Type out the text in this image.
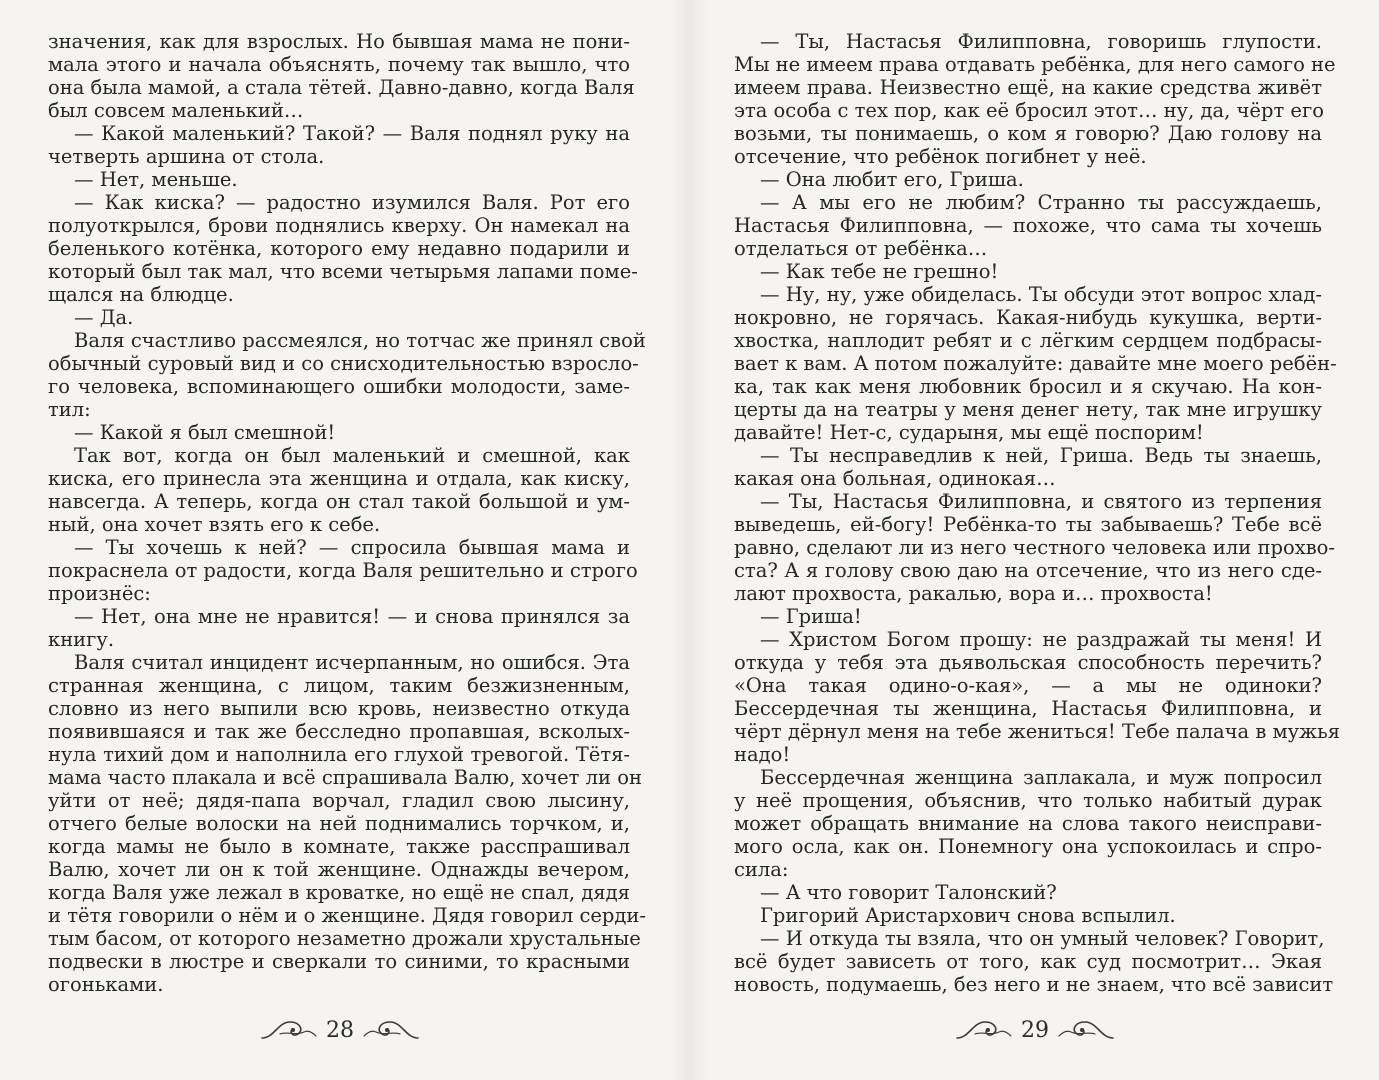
значения, как для взрослых. Но бывшая мама не пони-
мала этого и начала объяснять, почему так вышло, что
она была мамой, а стала тётей. Давно-давно, когда Валя
был совсем маленький…
— Какой маленький? Такой? — Валя поднял руку на
четверть аршина от стола.
— Нет, меньше.
— Как киска? — радостно изумился Валя. Рот его
полуоткрылся, брови поднялись кверху. Он намекал на
беленького котёнка, которого ему недавно подарили и
который был так мал, что всеми четырьмя лапами поме-
щался на блюдце.
— Да.
Валя счастливо рассмеялся, но тотчас же принял свой
обычный суровый вид и со снисходительностью взросло-
го человека, вспоминающего ошибки молодости, заме-
тил:
— Какой я был смешной!
Так вот, когда он был маленький и смешной, как
киска, его принесла эта женщина и отдала, как киску,
навсегда. А теперь, когда он стал такой большой и ум-
ный, она хочет взять его к себе.
— Ты хочешь к ней? — спросила бывшая мама и
покраснела от радости, когда Валя решительно и строго
произнёс:
— Нет, она мне не нравится! — и снова принялся за
книгу.
Валя считал инцидент исчерпанным, но ошибся. Эта
странная женщина, с лицом, таким безжизненным,
словно из него выпили всю кровь, неизвестно откуда
появившаяся и так же бесследно пропавшая, всколых-
нула тихий дом и наполнила его глухой тревогой. Тётя-
мама часто плакала и всё спрашивала Валю, хочет ли он
уйти от неё; дядя-папа ворчал, гладил свою лысину,
отчего белые волоски на ней поднимались торчком, и,
когда мамы не было в комнате, также расспрашивал
Валю, хочет ли он к той женщине. Однажды вечером,
когда Валя уже лежал в кроватке, но ещё не спал, дядя
и тётя говорили о нём и о женщине. Дядя говорил серди-
тым басом, от которого незаметно дрожали хрустальные
подвески в люстре и сверкали то синими, то красными
огоньками.
— Ты, Настасья Филипповна, говоришь глупости.
Мы не имеем права отдавать ребёнка, для него самого не
имеем права. Неизвестно ещё, на какие средства живёт
эта особа с тех пор, как её бросил этот… ну, да, чёрт его
возьми, ты понимаешь, о ком я говорю? Даю голову на
отсечение, что ребёнок погибнет у неё.
— Она любит его, Гриша.
— А мы его не любим? Странно ты рассуждаешь,
Настасья Филипповна, — похоже, что сама ты хочешь
отделаться от ребёнка…
— Как тебе не грешно!
— Ну, ну, уже обиделась. Ты обсуди этот вопрос хлад-
нокровно, не горячась. Какая-нибудь кукушка, верти-
хвостка, наплодит ребят и с лёгким сердцем подбрасы-
вает к вам. А потом пожалуйте: давайте мне моего ребён-
ка, так как меня любовник бросил и я скучаю. На кон-
церты да на театры у меня денег нету, так мне игрушку
давайте! Нет-с, сударыня, мы ещё поспорим!
— Ты несправедлив к ней, Гриша. Ведь ты знаешь,
какая она больная, одинокая…
— Ты, Настасья Филипповна, и святого из терпения
выведешь, ей-богу! Ребёнка-то ты забываешь? Тебе всё
равно, сделают ли из него честного человека или прохво-
ста? А я голову свою даю на отсечение, что из него сде-
лают прохвоста, ракалью, вора и… прохвоста!
— Гриша!
— Христом Богом прошу: не раздражай ты меня! И
откуда у тебя эта дьявольская способность перечить?
«Она такая одино-о-кая», — а мы не одиноки?
Бессердечная ты женщина, Настасья Филипповна, и
чёрт дёрнул меня на тебе жениться! Тебе палача в мужья
надо!
Бессердечная женщина заплакала, и муж попросил
у неё прощения, объяснив, что только набитый дурак
может обращать внимание на слова такого неисправи-
мого осла, как он. Понемногу она успокоилась и спро-
сила:
— А что говорит Талонский?
Григорий Аристархович снова вспылил.
— И откуда ты взяла, что он умный человек? Говорит,
всё будет зависеть от того, как суд посмотрит… Экая
новость, подумаешь, без него и не знаем, что всё зависит
28	29
